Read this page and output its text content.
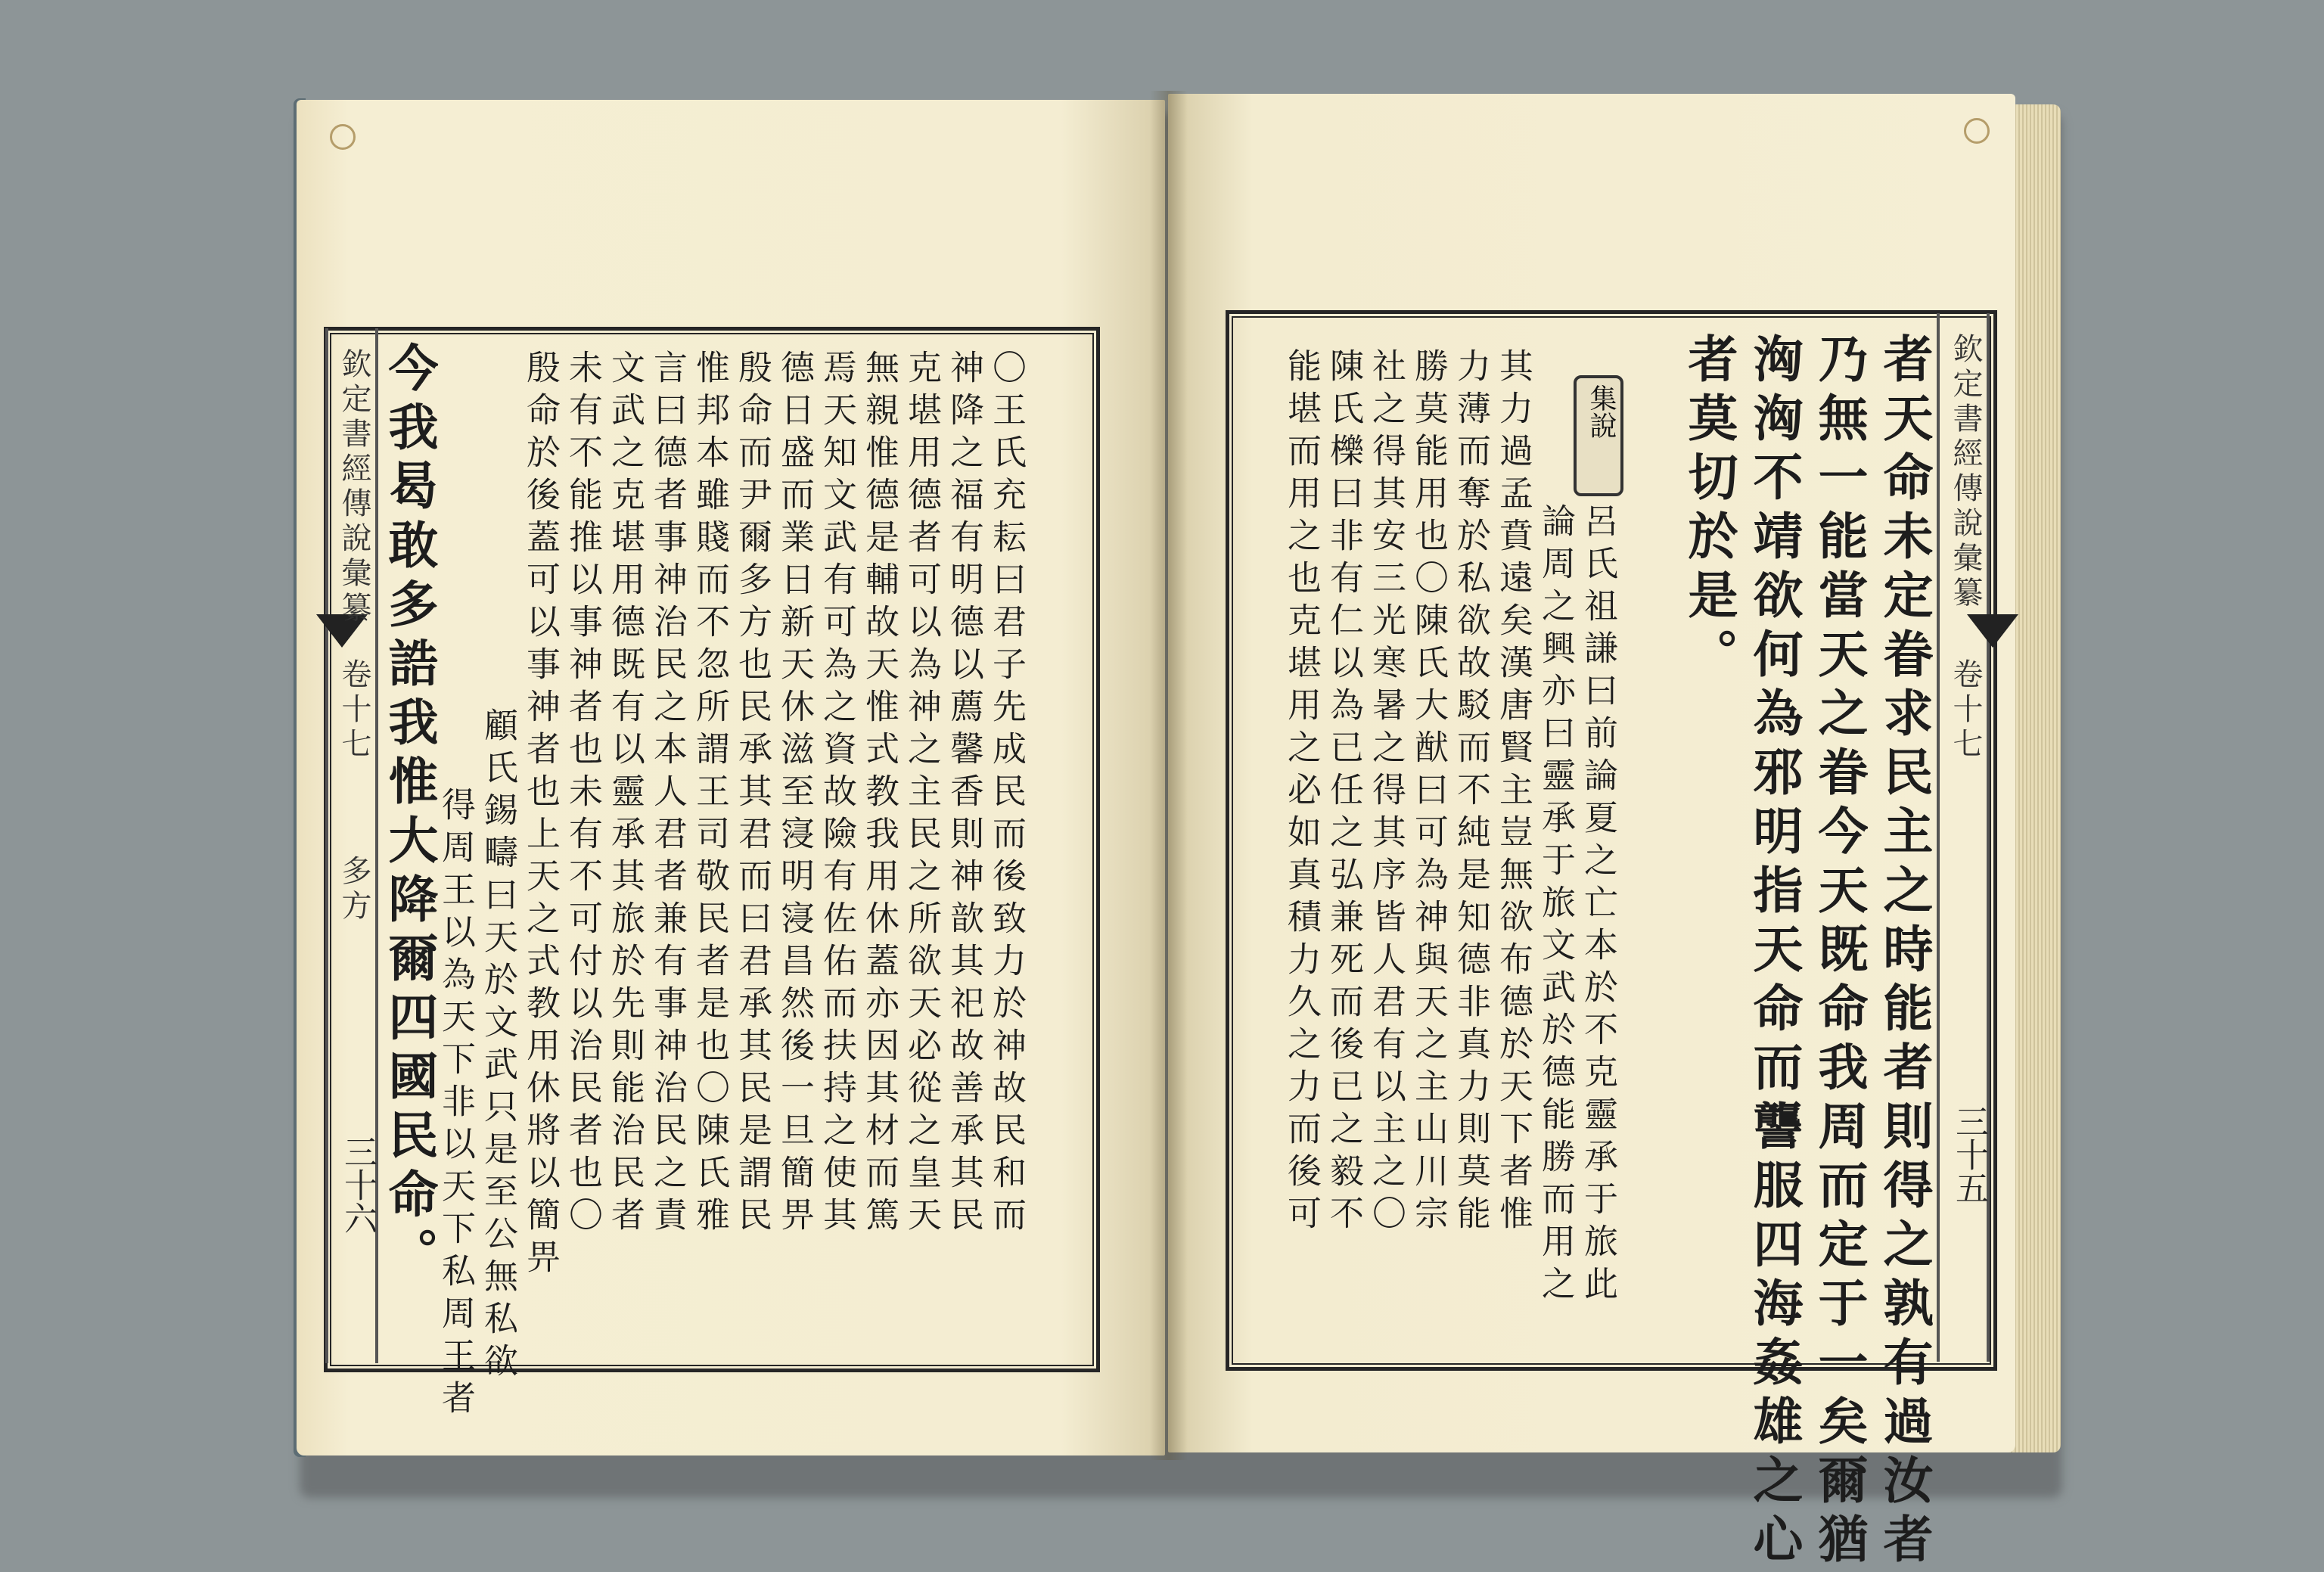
欽定書經傳說彙纂
卷十七
多方
三十六 今我曷敢多誥我惟大降爾四國民命。
得周王以為天下非以天下私周王者 顧氏錫疇曰天於文武只是至公無私欲 殷命於後蓋可以事神者也上天之式教用休將以簡畀 未有不能推以事神者也未有不可付以治民者也〇 文武之克堪用德既有以靈承其旅於先則能治民者 言曰德者事神治民之本人君者兼有事神治民之責 惟邦本雖賤而不忽所謂王司敬民者是也〇陳氏雅 殷命而尹爾多方也民承其君而曰君承其民是謂民 德日盛而業日新天休滋至寖明寖昌然後一旦簡畀 焉天知文武有可為之資故險有佐佑而扶持之使其 無親惟德是輔故天惟式教我用休蓋亦因其材而篤 克堪用德者可以為神之主民之所欲天必從之皇天 神降之福有明德以薦馨香則神歆其祀故善承其民 〇王氏充耘曰君子先成民而後致力於神故民和而	欽定書經傳說彙纂
卷十七
三十五
者天命未定眷求民主之時能者則得之孰有過汝者
乃無一能當天之眷今天既命我周而定于一矣爾猶
洶洶不靖欲何為邪明指天命而讋服四海姦雄之心
者莫切於是。
集說
呂氏祖謙曰前論夏之亡本於不克靈承于旅此
論周之興亦曰靈承于旅文武於德能勝而用之
其力過孟賁遠矣漢唐賢主豈無欲布德於天下者惟
力薄而奪於私欲故駁而不純是知德非真力則莫能
勝莫能用也〇陳氏大猷曰可為神與天之主山川宗
社之得其安三光寒暑之得其序皆人君有以主之〇
陳氏櫟曰非有仁以為已任之弘兼死而後已之毅不
能堪而用之也克堪用之必如真積力久之力而後可
